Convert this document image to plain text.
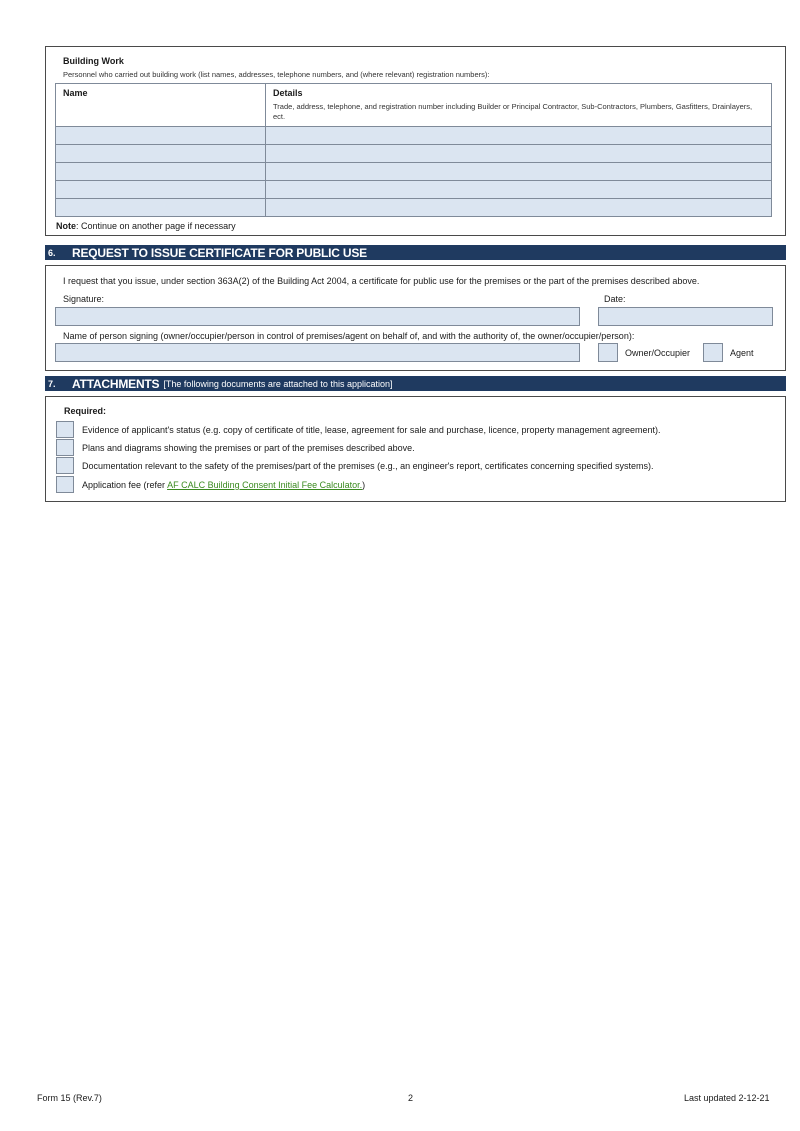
Building Work
Personnel who carried out building work (list names, addresses, telephone numbers, and (where relevant) registration numbers):
Name	Details
Trade, address, telephone, and registration number including Builder or Principal Contractor, Sub-Contractors, Plumbers, Gasfitters, Drainlayers, ect.

Note: Continue on another page if necessary
6.	REQUEST TO ISSUE CERTIFICATE FOR PUBLIC USE
I request that you issue, under section 363A(2) of the Building Act 2004, a certificate for public use for the premises or the part of the premises described above.
Signature:	Date:
Name of person signing (owner/occupier/person in control of premises/agent on behalf of, and with the authority of, the owner/occupier/person):
Owner/Occupier	Agent
7.	ATTACHMENTS [The following documents are attached to this application]
Required:
Evidence of applicant's status (e.g. copy of certificate of title, lease, agreement for sale and purchase, licence, property management agreement).
Plans and diagrams showing the premises or part of the premises described above.
Documentation relevant to the safety of the premises/part of the premises (e.g., an engineer's report, certificates concerning specified systems).
Application fee (refer AF CALC Building Consent Initial Fee Calculator.)
Form 15 (Rev.7)	2	Last updated 2-12-21
